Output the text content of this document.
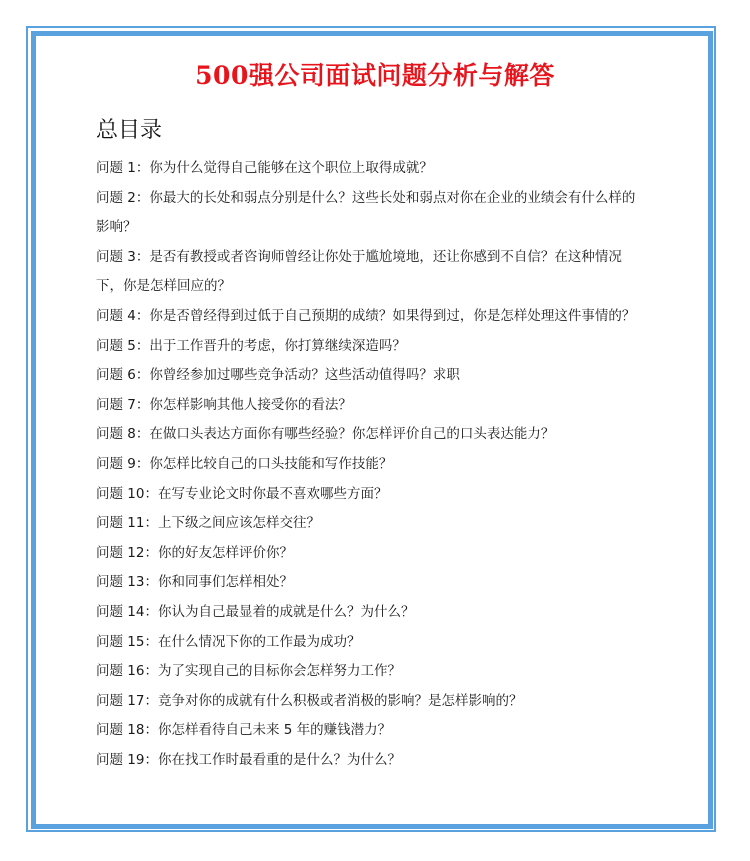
500强公司面试问题分析与解答
总目录
问题 1：你为什么觉得自己能够在这个职位上取得成就？
问题 2：你最大的长处和弱点分别是什么？这些长处和弱点对你在企业的业绩会有什么样的影响？
问题 3：是否有教授或者咨询师曾经让你处于尴尬境地，还让你感到不自信？在这种情况下，你是怎样回应的？
问题 4：你是否曾经得到过低于自己预期的成绩？如果得到过，你是怎样处理这件事情的？
问题 5：出于工作晋升的考虑，你打算继续深造吗？
问题 6：你曾经参加过哪些竞争活动？这些活动值得吗？求职
问题 7：你怎样影响其他人接受你的看法？
问题 8：在做口头表达方面你有哪些经验？你怎样评价自己的口头表达能力？
问题 9：你怎样比较自己的口头技能和写作技能？
问题 10：在写专业论文时你最不喜欢哪些方面？
问题 11：上下级之间应该怎样交往？
问题 12：你的好友怎样评价你？
问题 13：你和同事们怎样相处？
问题 14：你认为自己最显着的成就是什么？为什么？
问题 15：在什么情况下你的工作最为成功？
问题 16：为了实现自己的目标你会怎样努力工作？
问题 17：竞争对你的成就有什么积极或者消极的影响？是怎样影响的？
问题 18：你怎样看待自己未来 5 年的赚钱潜力？
问题 19：你在找工作时最看重的是什么？为什么？
